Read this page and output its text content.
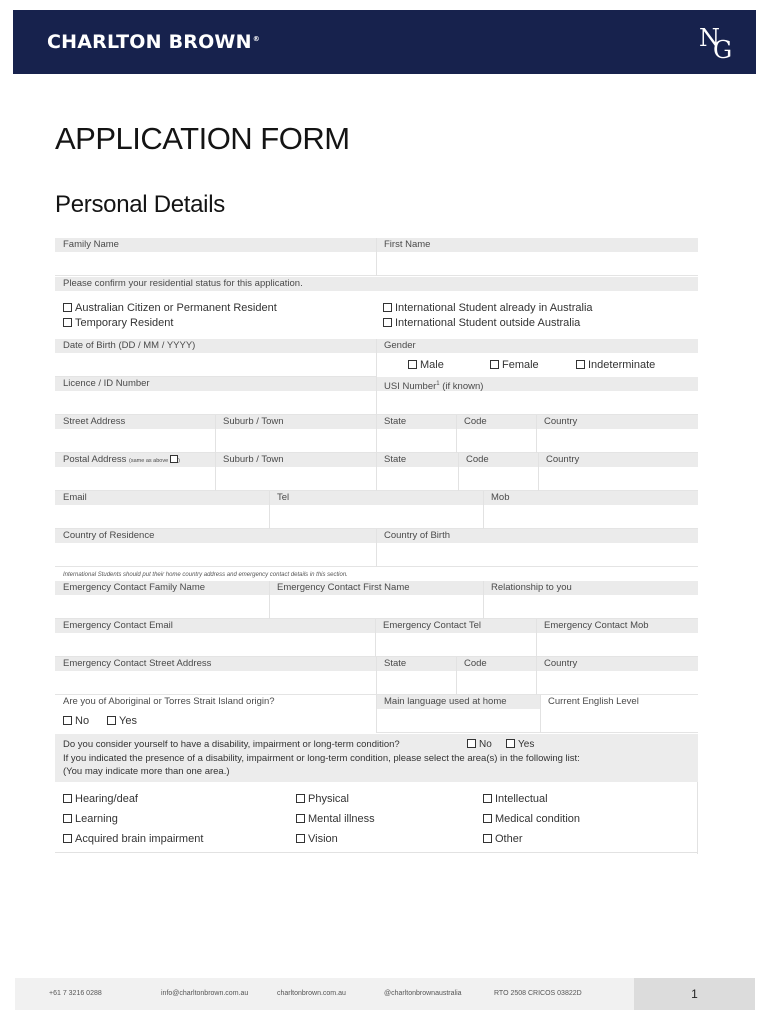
CHARLTON BROWN®	N
G
APPLICATION FORM
Personal Details
Family Name	First Name
Please confirm your residential status for this application.
Australian Citizen or Permanent Resident
Temporary Resident
International Student already in Australia
International Student outside Australia
Date of Birth (DD / MM / YYYY)	Gender
Male	Female	Indeterminate
Licence / ID Number	USI Number$^1$ (if known)
Street Address	Suburb / Town	State	Code	Country
Postal Address (same as above )	Suburb / Town	State	Code	Country
Email	Tel	Mob
Country of Residence	Country of Birth
International Students should put their home country address and emergency contact details in this section.
Emergency Contact Family Name	Emergency Contact First Name	Relationship to you
Emergency Contact Email	Emergency Contact Tel	Emergency Contact Mob
Emergency Contact Street Address	State	Code	Country
Are you of Aboriginal or Torres Strait Island origin?	Main language used at home	Current English Level
No	Yes
Do you consider yourself to have a disability, impairment or long-term condition?	No	Yes
If you indicated the presence of a disability, impairment or long-term condition, please select the area(s) in the following list:
(You may indicate more than one area.)
Hearing/deaf	Physical	Intellectual
Learning	Mental illness	Medical condition
Acquired brain impairment	Vision	Other
+61 7 3216 0288	info@charltonbrown.com.au	charltonbrown.com.au	@charltonbrownaustralia	RTO 2508 CRICOS 03822D	1
